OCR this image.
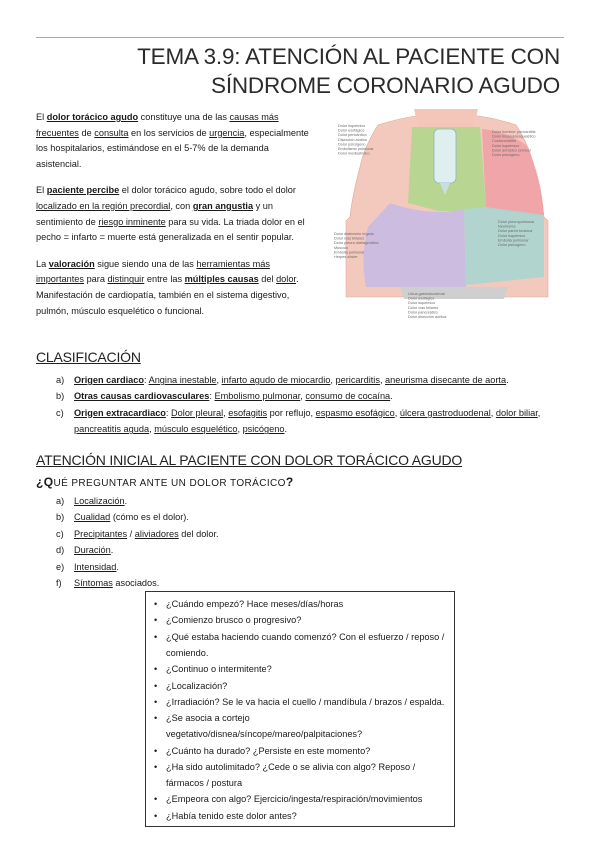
TEMA 3.9: ATENCIÓN AL PACIENTE CON
SÍNDROME CORONARIO AGUDO

El dolor torácico agudo constituye una de las causas más frecuentes de consulta en los servicios de urgencia, especialmente los hospitalarios, estimándose en el 5-7% de la demanda asistencial.

El paciente percibe el dolor torácico agudo, sobre todo el dolor localizado en la región precordial, con gran angustia y un sentimiento de riesgo inminente para su vida. La triada dolor en el pecho = infarto = muerte está generalizada en el sentir popular.

La valoración sigue siendo una de las herramientas más importantes para distinguir entre las múltiples causas del dolor. Manifestación de cardiopatía, también en el sistema digestivo, pulmón, músculo esquelético o funcional.

Dolor isquémico Dolor esofágico Dolor pericárdico Disección aórtica Dolor psicógeno Embolismo pulmonar Dolor mediastínico
Dolor hombro: pericarditis Dolor musculoesquelético Costocondritis Dolor isquémico Dolor artrósico cervical Dolor psicógeno
Dolor distensión hígado Dolor vías biliares Dolor pleura diafragmática Músculo Embolia pulmonar Herpes zóster
Dolor pleuropulmonar Neumonía Dolor pared torácica Dolor isquémico Embolia pulmonar Dolor psicógeno
Ulcus gastroduodenal Dolor esofágico Dolor isquémico Dolor vías biliares Dolor pancreático Dolor disección aórtica
CLASIFICACIÓN
a)	Origen cardiaco: Angina inestable, infarto agudo de miocardio, pericarditis, aneurisma disecante de aorta.
b)	Otras causas cardiovasculares: Embolismo pulmonar, consumo de cocaína.
c)	Origen extracardiaco: Dolor pleural, esofagitis por reflujo, espasmo esofágico, úlcera gastroduodenal, dolor biliar, pancreatitis aguda, músculo esquelético, psicógeno.
ATENCIÓN INICIAL AL PACIENTE CON DOLOR TORÁCICO AGUDO
¿QUÉ PREGUNTAR ANTE UN DOLOR TORÁCICO?
a)	Localización.
b)	Cualidad (cómo es el dolor).
c)	Precipitantes / aliviadores del dolor.
d)	Duración.
e)	Intensidad.
f)	Síntomas asociados.
• ¿Cuándo empezó? Hace meses/días/horas
• ¿Comienzo brusco o progresivo?
• ¿Qué estaba haciendo cuando comenzó? Con el esfuerzo / reposo / comiendo.
• ¿Continuo o intermitente?
• ¿Localización?
• ¿Irradiación? Se le va hacia el cuello / mandíbula / brazos / espalda.
• ¿Se asocia a cortejo vegetativo/disnea/síncope/mareo/palpitaciones?
• ¿Cuánto ha durado? ¿Persiste en este momento?
• ¿Ha sido autolimitado? ¿Cede o se alivia con algo? Reposo / fármacos / postura
• ¿Empeora con algo? Ejercicio/ingesta/respiración/movimientos
• ¿Había tenido este dolor antes?
